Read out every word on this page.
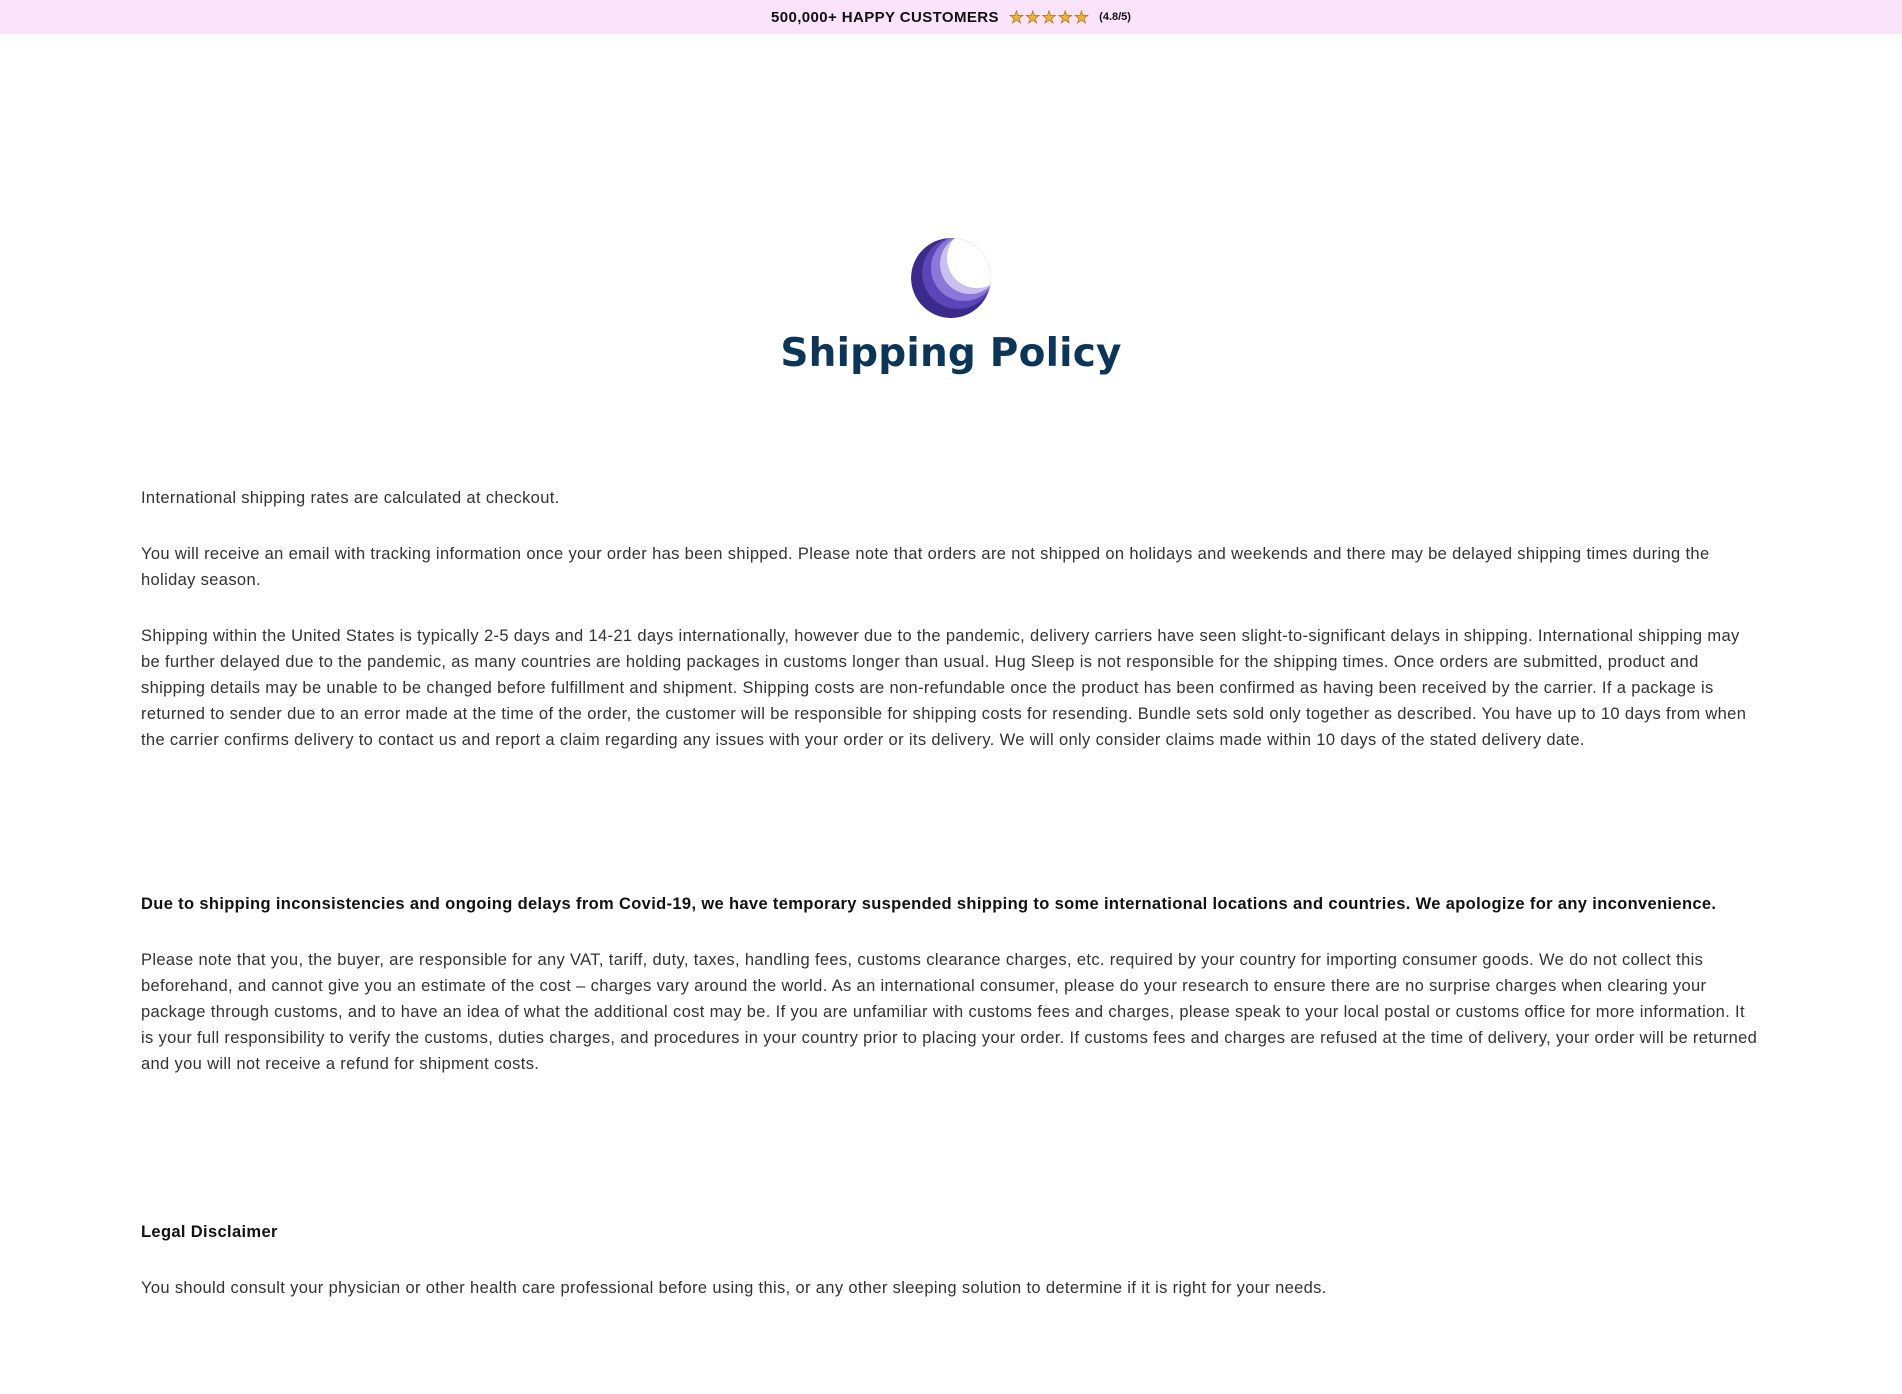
500,000+ HAPPY CUSTOMERS ★ ★ ★ ★ ★ (4.8/5)
Shipping Policy

International shipping rates are calculated at checkout.

You will receive an email with tracking information once your order has been shipped. Please note that orders are not shipped on holidays and weekends and there may be delayed shipping times during the holiday season.

Shipping within the United States is typically 2-5 days and 14-21 days internationally, however due to the pandemic, delivery carriers have seen slight-to-significant delays in shipping. International shipping may be further delayed due to the pandemic, as many countries are holding packages in customs longer than usual. Hug Sleep is not responsible for the shipping times. Once orders are submitted, product and shipping details may be unable to be changed before fulfillment and shipment. Shipping costs are non-refundable once the product has been confirmed as having been received by the carrier. If a package is returned to sender due to an error made at the time of the order, the customer will be responsible for shipping costs for resending. Bundle sets sold only together as described. You have up to 10 days from when the carrier confirms delivery to contact us and report a claim regarding any issues with your order or its delivery. We will only consider claims made within 10 days of the stated delivery date.

Due to shipping inconsistencies and ongoing delays from Covid-19, we have temporary suspended shipping to some international locations and countries. We apologize for any inconvenience.

Please note that you, the buyer, are responsible for any VAT, tariff, duty, taxes, handling fees, customs clearance charges, etc. required by your country for importing consumer goods. We do not collect this beforehand, and cannot give you an estimate of the cost – charges vary around the world. As an international consumer, please do your research to ensure there are no surprise charges when clearing your package through customs, and to have an idea of what the additional cost may be. If you are unfamiliar with customs fees and charges, please speak to your local postal or customs office for more information. It is your full responsibility to verify the customs, duties charges, and procedures in your country prior to placing your order. If customs fees and charges are refused at the time of delivery, your order will be returned and you will not receive a refund for shipment costs.

Legal Disclaimer

You should consult your physician or other health care professional before using this, or any other sleeping solution to determine if it is right for your needs.
